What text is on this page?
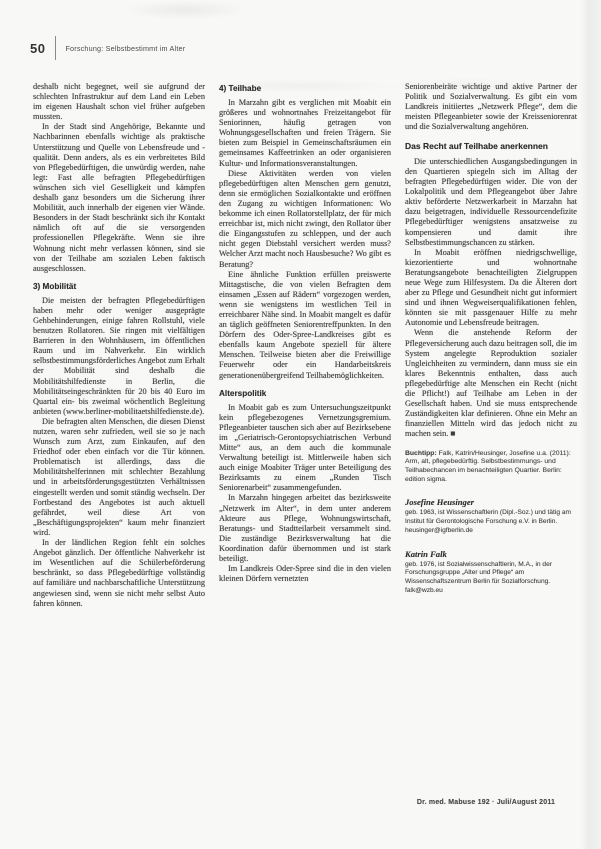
50	Forschung: Selbstbestimmt im Alter

deshalb nicht begegnet, weil sie aufgrund der schlechten Infrastruktur auf dem Land ein Leben im eigenen Haushalt schon viel früher aufgeben mussten.

In der Stadt sind Angehörige, Bekannte und Nachbarinnen ebenfalls wichtige als praktische Unterstützung und Quelle von Lebensfreude und -qualität. Denn anders, als es ein verbreitetes Bild von Pflegebedürftigen, die unwürdig werden, nahe legt: Fast alle befragten Pflegebedürftigen wünschen sich viel Geselligkeit und kämpfen deshalb ganz besonders um die Sicherung ihrer Mobilität, auch innerhalb der eigenen vier Wände. Besonders in der Stadt beschränkt sich ihr Kontakt nämlich oft auf die sie versorgenden professionellen Pflegekräfte. Wenn sie ihre Wohnung nicht mehr verlassen können, sind sie von der Teilhabe am sozialen Leben faktisch ausgeschlossen.

3) Mobilität

Die meisten der befragten Pflegebedürftigen haben mehr oder weniger ausgeprägte Gehbehinderungen, einige fahren Rollstuhl, viele benutzen Rollatoren. Sie ringen mit vielfältigen Barrieren in den Wohnhäusern, im öffentlichen Raum und im Nahverkehr. Ein wirklich selbstbestimmungsförderliches Angebot zum Erhalt der Mobilität sind deshalb die Mobilitätshilfedienste in Berlin, die Mobilitätseingeschränkten für 20 bis 40 Euro im Quartal ein- bis zweimal wöchentlich Begleitung anbieten (www.berliner-mobilitaetshilfedienste.de).

Die befragten alten Menschen, die diesen Dienst nutzen, waren sehr zufrieden, weil sie so je nach Wunsch zum Arzt, zum Einkaufen, auf den Friedhof oder eben einfach vor die Tür können. Problematisch ist allerdings, dass die Mobilitätshelferinnen mit schlechter Bezahlung und in arbeitsförderungsgestützten Verhältnissen eingestellt werden und somit ständig wechseln. Der Fortbestand des Angebotes ist auch aktuell gefährdet, weil diese Art von „Beschäftigungsprojekten“ kaum mehr finanziert wird.

In der ländlichen Region fehlt ein solches Angebot gänzlich. Der öffentliche Nahverkehr ist im Wesentlichen auf die Schülerbeförderung beschränkt, so dass Pflegebedürftige vollständig auf familiäre und nachbarschaftliche Unterstützung angewiesen sind, wenn sie nicht mehr selbst Auto fahren können.

4) Teilhabe

In Marzahn gibt es verglichen mit Moabit ein größeres und wohnortnahes Freizeitangebot für Seniorinnen, häufig getragen von Wohnungsgesellschaften und freien Trägern. Sie bieten zum Beispiel in Gemeinschaftsräumen ein gemeinsames Kaffeetrinken an oder organisieren Kultur- und Informationsveranstaltungen.

Diese Aktivitäten werden von vielen pflegebedürftigen alten Menschen gern genutzt, denn sie ermöglichen Sozialkontakte und eröffnen den Zugang zu wichtigen Informationen: Wo bekomme ich einen Rollatorstellplatz, der für mich erreichbar ist, mich nicht zwingt, den Rollator über die Eingangsstufen zu schleppen, und der auch nicht gegen Diebstahl versichert werden muss? Welcher Arzt macht noch Hausbesuche? Wo gibt es Beratung?

Eine ähnliche Funktion erfüllen preiswerte Mittagstische, die von vielen Befragten dem einsamen „Essen auf Rädern“ vorgezogen werden, wenn sie wenigstens im westlichen Teil in erreichbarer Nähe sind. In Moabit mangelt es dafür an täglich geöffneten Seniorentreffpunkten. In den Dörfern des Oder-Spree-Landkreises gibt es ebenfalls kaum Angebote speziell für ältere Menschen. Teilweise bieten aber die Freiwillige Feuerwehr oder ein Handarbeitskreis generationenübergreifend Teilhabemöglichkeiten.

Alterspolitik

In Moabit gab es zum Untersuchungszeitpunkt kein pflegebezogenes Vernetzungsgremium. Pflegeanbieter tauschen sich aber auf Bezirksebene im „Geriatrisch-Gerontopsychiatrischen Verbund Mitte“ aus, an dem auch die kommunale Verwaltung beteiligt ist. Mittlerweile haben sich auch einige Moabiter Träger unter Beteiligung des Bezirksamts zu einem „Runden Tisch Seniorenarbeit“ zusammengefunden.

In Marzahn hingegen arbeitet das bezirksweite „Netzwerk im Alter“, in dem unter anderem Akteure aus Pflege, Wohnungswirtschaft, Beratungs- und Stadtteilarbeit versammelt sind. Die zuständige Bezirksverwaltung hat die Koordination dafür übernommen und ist stark beteiligt.

Im Landkreis Oder-Spree sind die in den vielen kleinen Dörfern vernetzten

Seniorenbeiräte wichtige und aktive Partner der Politik und Sozialverwaltung. Es gibt ein vom Landkreis initiiertes „Netzwerk Pflege“, dem die meisten Pflegeanbieter sowie der Kreisseniorenrat und die Sozialverwaltung angehören.

Das Recht auf Teilhabe anerkennen

Die unterschiedlichen Ausgangsbedingungen in den Quartieren spiegeln sich im Alltag der befragten Pflegebedürftigen wider. Die von der Lokalpolitik und dem Pflegeangebot über Jahre aktiv beförderte Netzwerkarbeit in Marzahn hat dazu beigetragen, individuelle Ressourcendefizite Pflegebedürftiger wenigstens ansatzweise zu kompensieren und damit ihre Selbstbestimmungschancen zu stärken.

In Moabit eröffnen niedrigschwellige, kiezorientierte und wohnortnahe Beratungsangebote benachteiligten Zielgruppen neue Wege zum Hilfesystem. Da die Älteren dort aber zu Pflege und Gesundheit nicht gut informiert sind und ihnen Wegweiserqualifikationen fehlen, könnten sie mit passgenauer Hilfe zu mehr Autonomie und Lebensfreude beitragen.

Wenn die anstehende Reform der Pflegeversicherung auch dazu beitragen soll, die im System angelegte Reproduktion sozialer Ungleichheiten zu vermindern, dann muss sie ein klares Bekenntnis enthalten, dass auch pflegebedürftige alte Menschen ein Recht (nicht die Pflicht!) auf Teilhabe am Leben in der Gesellschaft haben. Und sie muss entsprechende Zuständigkeiten klar definieren. Ohne ein Mehr an finanziellen Mitteln wird das jedoch nicht zu machen sein. ■

Buchtipp: Falk, Katrin/Heusinger, Josefine u.a. (2011): Arm, alt, pflegebedürftig. Selbstbestimmungs- und Teilhabechancen im benachteiligten Quartier. Berlin: edition sigma.

Josefine Heusinger

geb. 1963, ist Wissenschaftlerin (Dipl.-Soz.) und tätig am Institut für Gerontologische Forschung e.V. in Berlin.

heusinger@igfberlin.de

Katrin Falk

geb. 1976, ist Sozialwissenschaftlerin, M.A., in der Forschungsgruppe „Alter und Pflege“ am Wissenschaftszentrum Berlin für Sozialforschung.

falk@wzb.eu

Dr. med. Mabuse 192 · Juli/August 2011
